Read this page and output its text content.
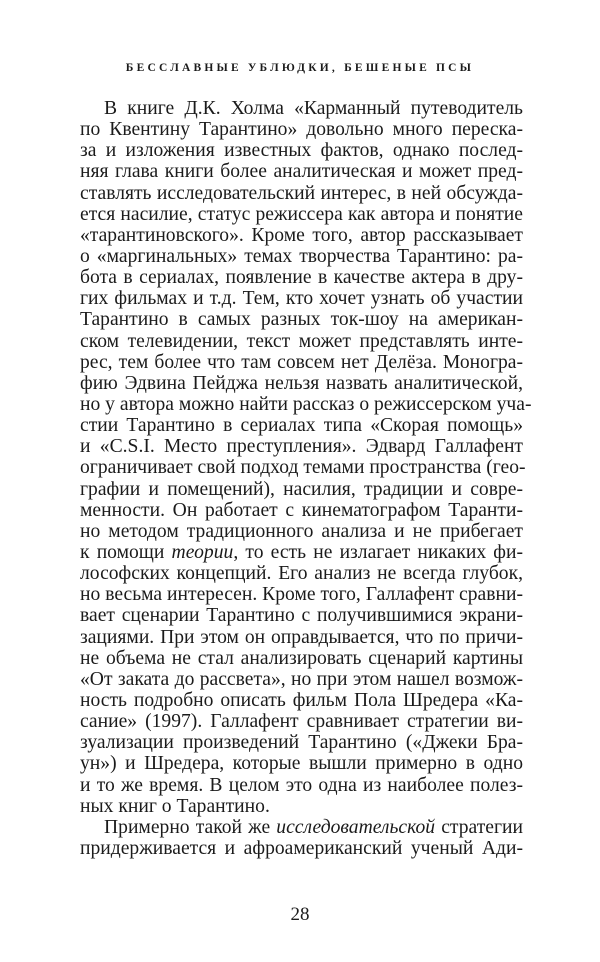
БЕССЛАВНЫЕ УБЛЮДКИ, БЕШЕНЫЕ ПСЫ
В книге Д.К. Холма «Карманный путеводитель
по Квентину Тарантино» довольно много переска-
за и изложения известных фактов, однако послед-
няя глава книги более аналитическая и может пред-
ставлять исследовательский интерес, в ней обсужда-
ется насилие, статус режиссера как автора и понятие
«тарантиновского». Кроме того, автор рассказывает
о «маргинальных» темах творчества Тарантино: ра-
бота в сериалах, появление в качестве актера в дру-
гих фильмах и т.д. Тем, кто хочет узнать об участии
Тарантино в самых разных ток-шоу на американ-
ском телевидении, текст может представлять инте-
рес, тем более что там совсем нет Делёза. Моногра-
фию Эдвина Пейджа нельзя назвать аналитической,
но у автора можно найти рассказ о режиссерском уча-
стии Тарантино в сериалах типа «Скорая помощь»
и «C.S.I. Место преступления». Эдвард Галлафент
ограничивает свой подход темами пространства (гео-
графии и помещений), насилия, традиции и совре-
менности. Он работает с кинематографом Таранти-
но методом традиционного анализа и не прибегает
к помощи теории, то есть не излагает никаких фи-
лософских концепций. Его анализ не всегда глубок,
но весьма интересен. Кроме того, Галлафент сравни-
вает сценарии Тарантино с получившимися экрани-
зациями. При этом он оправдывается, что по причи-
не объема не стал анализировать сценарий картины
«От заката до рассвета», но при этом нашел возмож-
ность подробно описать фильм Пола Шредера «Ка-
сание» (1997). Галлафент сравнивает стратегии ви-
зуализации произведений Тарантино («Джеки Бра-
ун») и Шредера, которые вышли примерно в одно
и то же время. В целом это одна из наиболее полез-
ных книг о Тарантино.
Примерно такой же исследовательской стратегии
придерживается и афроамериканский ученый Ади-
28
